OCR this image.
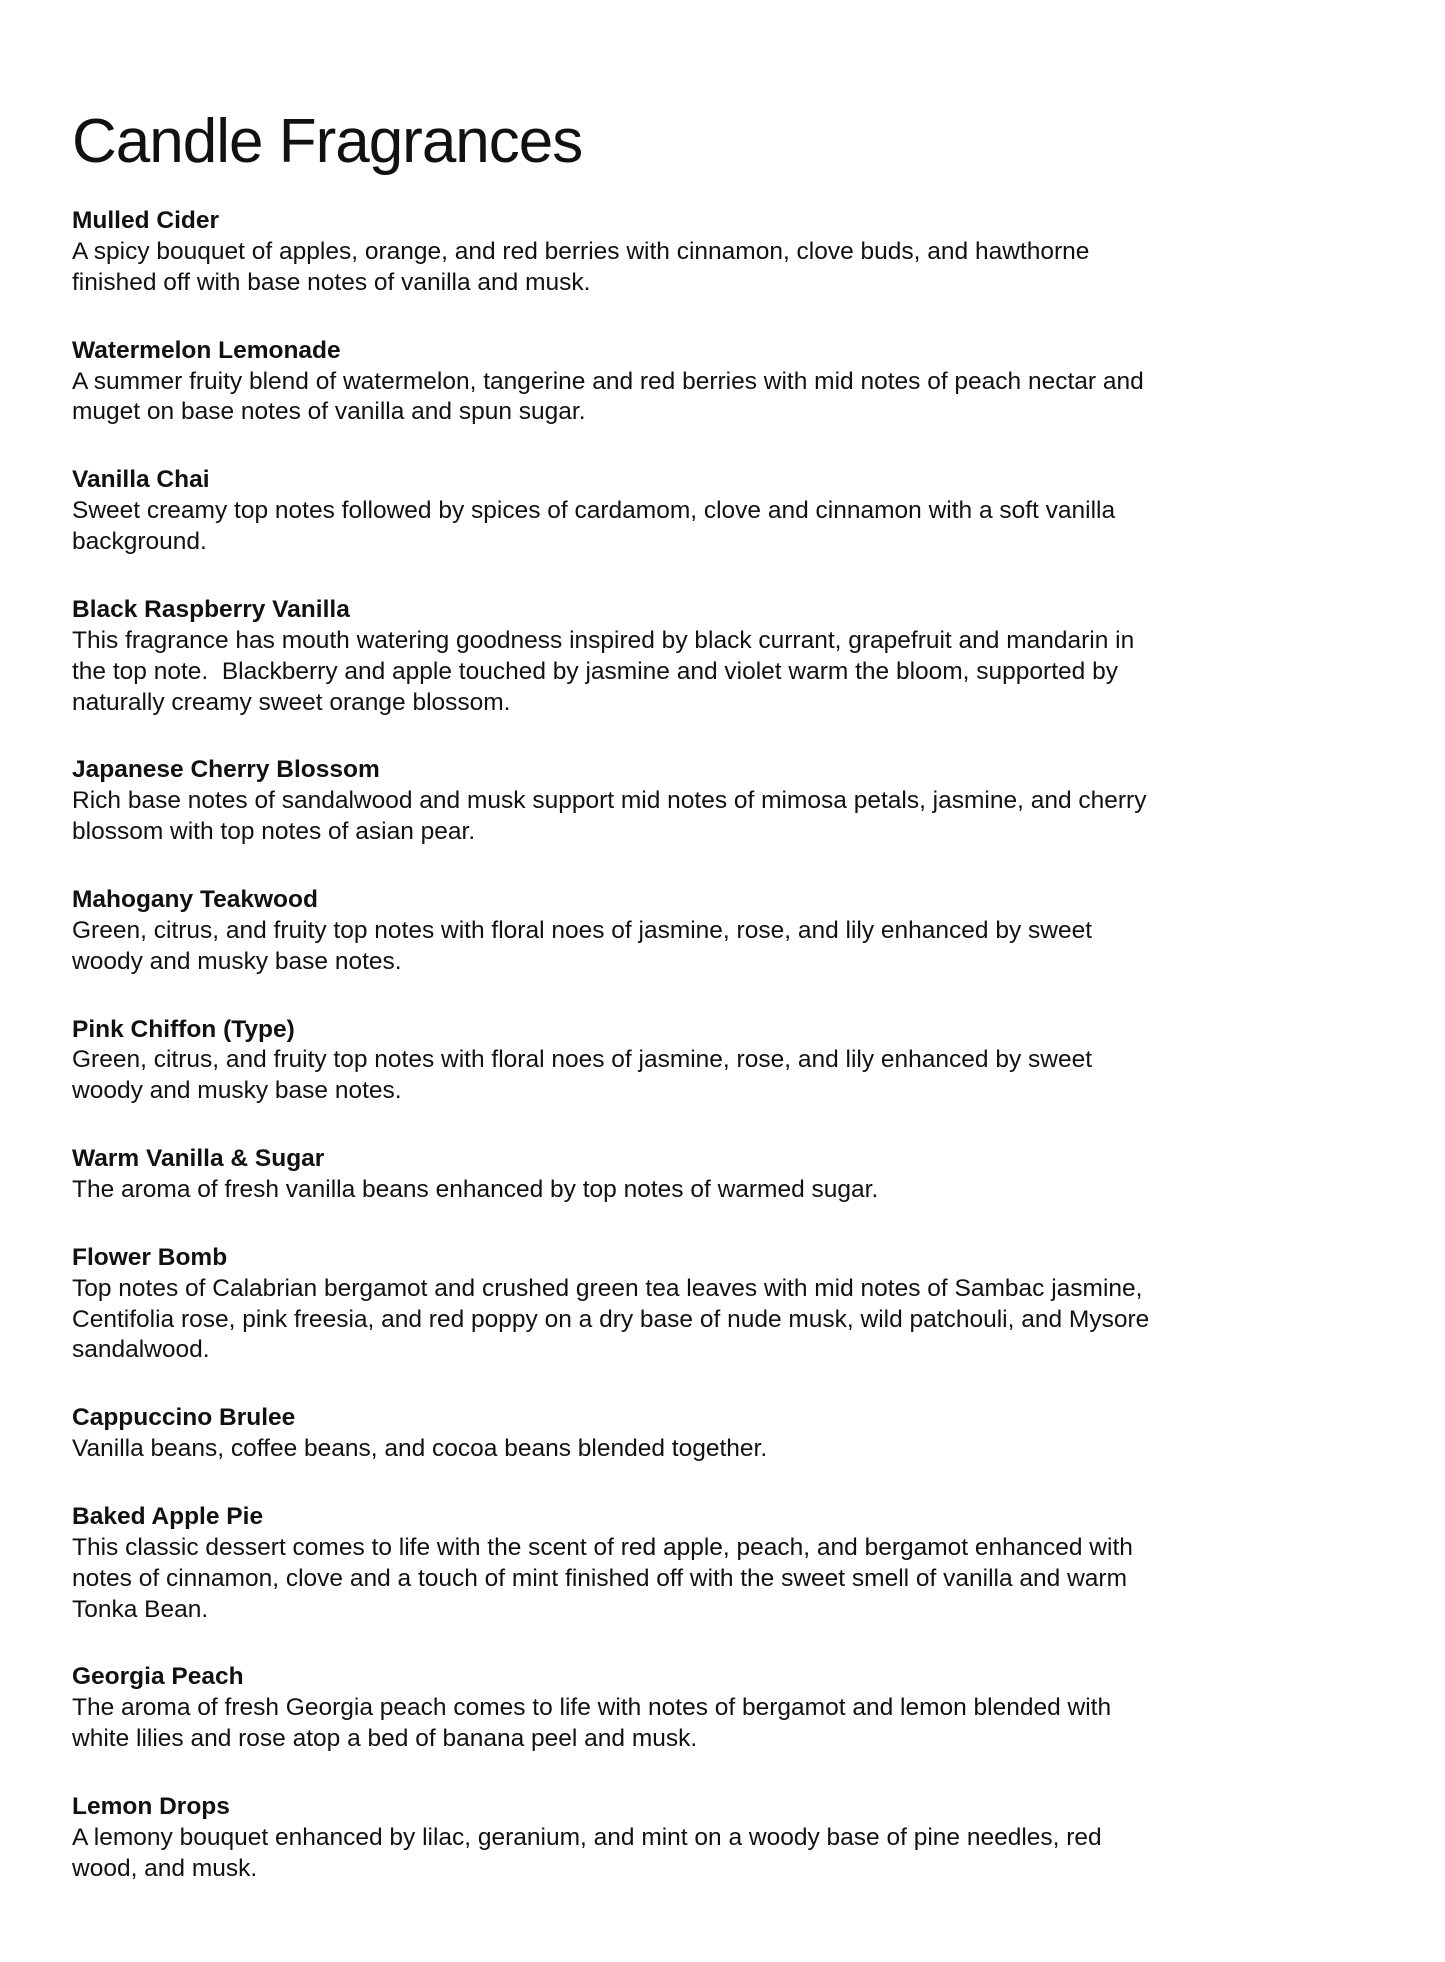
Candle Fragrances
Mulled Cider

A spicy bouquet of apples, orange, and red berries with cinnamon, clove buds, and hawthorne finished off with base notes of vanilla and musk.

Watermelon Lemonade

A summer fruity blend of watermelon, tangerine and red berries with mid notes of peach nectar and muget on base notes of vanilla and spun sugar.

Vanilla Chai

Sweet creamy top notes followed by spices of cardamom, clove and cinnamon with a soft vanilla background.

Black Raspberry Vanilla

This fragrance has mouth watering goodness inspired by black currant, grapefruit and mandarin in the top note.  Blackberry and apple touched by jasmine and violet warm the bloom, supported by naturally creamy sweet orange blossom.

Japanese Cherry Blossom

Rich base notes of sandalwood and musk support mid notes of mimosa petals, jasmine, and cherry blossom with top notes of asian pear.

Mahogany Teakwood

Green, citrus, and fruity top notes with floral noes of jasmine, rose, and lily enhanced by sweet woody and musky base notes.

Pink Chiffon (Type)

Green, citrus, and fruity top notes with floral noes of jasmine, rose, and lily enhanced by sweet woody and musky base notes.

Warm Vanilla & Sugar

The aroma of fresh vanilla beans enhanced by top notes of warmed sugar.

Flower Bomb

Top notes of Calabrian bergamot and crushed green tea leaves with mid notes of Sambac jasmine, Centifolia rose, pink freesia, and red poppy on a dry base of nude musk, wild patchouli, and Mysore sandalwood.

Cappuccino Brulee

Vanilla beans, coffee beans, and cocoa beans blended together.

Baked Apple Pie

This classic dessert comes to life with the scent of red apple, peach, and bergamot enhanced with notes of cinnamon, clove and a touch of mint finished off with the sweet smell of vanilla and warm Tonka Bean.

Georgia Peach

The aroma of fresh Georgia peach comes to life with notes of bergamot and lemon blended with white lilies and rose atop a bed of banana peel and musk.

Lemon Drops

A lemony bouquet enhanced by lilac, geranium, and mint on a woody base of pine needles, red wood, and musk.
